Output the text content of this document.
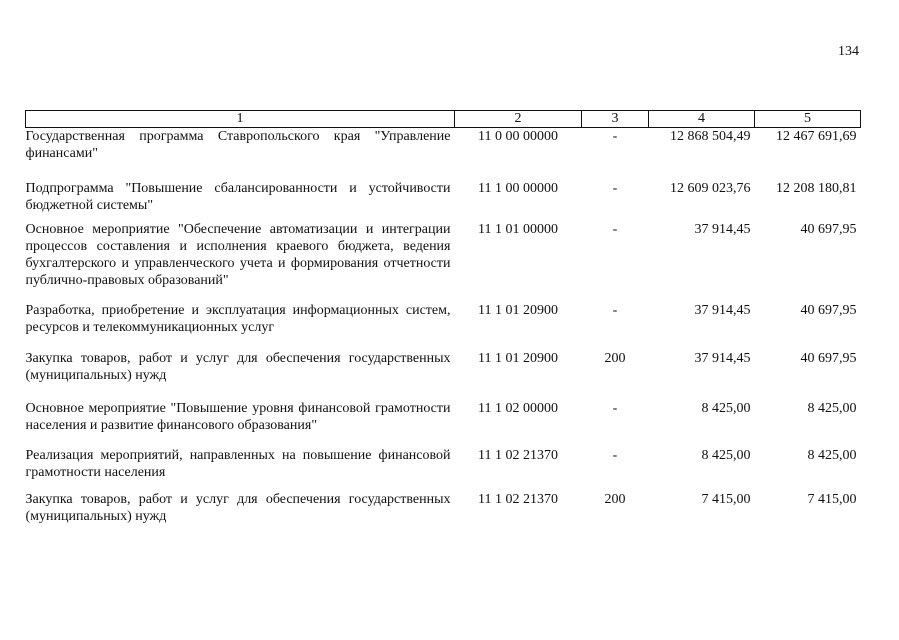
134
1	2	3	4	5
Государственная программа Ставропольского края "Управление финансами"	11 0 00 00000	-	12 868 504,49	12 467 691,69
Подпрограмма "Повышение сбалансированности и устойчивости бюджетной системы"	11 1 00 00000	-	12 609 023,76	12 208 180,81
Основное мероприятие "Обеспечение автоматизации и интеграции процессов составления и исполнения краевого бюджета, ведения бухгалтерского и управленческого учета и формирования отчетности публично-правовых образований"	11 1 01 00000	-	37 914,45	40 697,95
Разработка, приобретение и эксплуатация информационных систем, ресурсов и телекоммуникационных услуг	11 1 01 20900	-	37 914,45	40 697,95
Закупка товаров, работ и услуг для обеспечения государственных (муниципальных) нужд	11 1 01 20900	200	37 914,45	40 697,95
Основное мероприятие "Повышение уровня финансовой грамотности населения и развитие финансового образования"	11 1 02 00000	-	8 425,00	8 425,00
Реализация мероприятий, направленных на повышение финансовой грамотности населения	11 1 02 21370	-	8 425,00	8 425,00
Закупка товаров, работ и услуг для обеспечения государственных (муниципальных) нужд	11 1 02 21370	200	7 415,00	7 415,00
